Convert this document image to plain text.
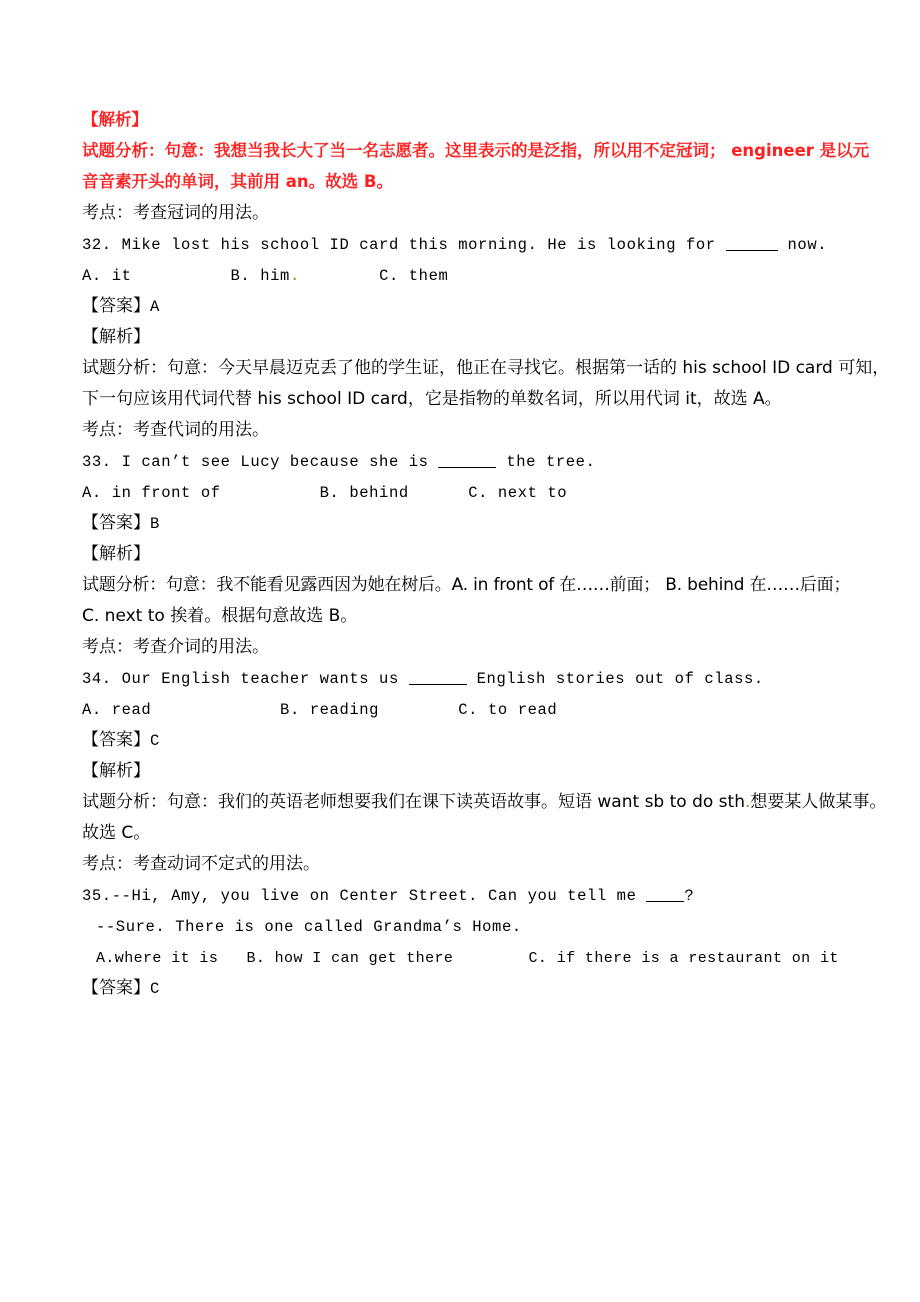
【解析】
试题分析：句意：我想当我长大了当一名志愿者。这里表示的是泛指，所以用不定冠词； engineer 是以元
音音素开头的单词，其前用 an。故选 B。
考点：考查冠词的用法。
32. Mike lost his school ID card this morning. He is looking for	now.
A. it	B. him.	C. them
【答案】A
【解析】
试题分析：句意：今天早晨迈克丢了他的学生证，他正在寻找它。根据第一话的 his school ID card 可知，
下一句应该用代词代替 his school ID card，它是指物的单数名词，所以用代词 it，故选 A。
考点：考查代词的用法。
33. I can’t see Lucy because she is	the tree.
A. in front of	B. behind	C. next to
【答案】B
【解析】
试题分析：句意：我不能看见露西因为她在树后。A. in front of 在……前面； B. behind 在……后面；
C. next to 挨着。根据句意故选 B。
考点：考查介词的用法。
34. Our English teacher wants us	English stories out of class.
A. read	B. reading	C. to read
【答案】C
【解析】
试题分析：句意：我们的英语老师想要我们在课下读英语故事。短语 want sb to do sth.想要某人做某事。
故选 C。
考点：考查动词不定式的用法。
35.--Hi, Amy, you live on Center Street. Can you tell me ?
--Sure. There is one called Grandma’s Home.
A.where it is B. how I can get there	C. if there is a restaurant on it
【答案】C
